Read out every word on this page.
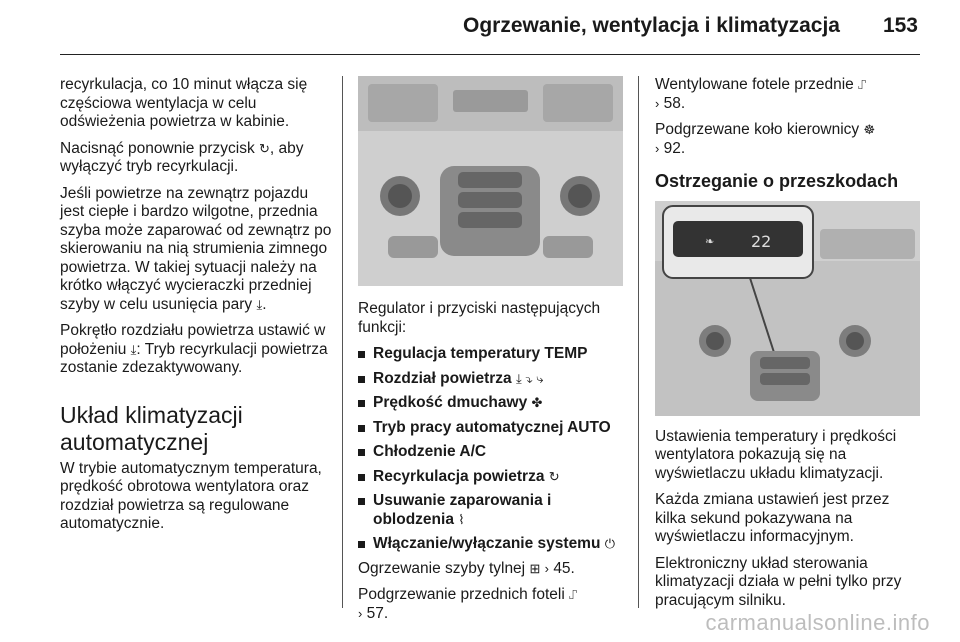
Ogrzewanie, wentylacja i klimatyzacja 153

recyrkulacja, co 10 minut włącza się częściowa wentylacja w celu odświeżenia powietrza w kabinie.

Nacisnąć ponownie przycisk ↻, aby wyłączyć tryb recyrkulacji.

Jeśli powietrze na zewnątrz pojazdu jest ciepłe i bardzo wilgotne, przednia szyba może zaparować od zewnątrz po skierowaniu na nią strumienia zimnego powietrza. W takiej sytuacji należy na krótko włączyć wycieraczki przedniej szyby w celu usunięcia pary ⤓.

Pokrętło rozdziału powietrza ustawić w położeniu ⤓: Tryb recyrkulacji powietrza zostanie zdezaktywowany.

Układ klimatyzacji automatycznej

W trybie automatycznym temperatura, prędkość obrotowa wentylatora oraz rozdział powietrza są regulowane automatycznie.

Regulator i przyciski następujących funkcji:

Regulacja temperatury TEMP
Rozdział powietrza ⤓ ⤵ ⤷
Prędkość dmuchawy ✤
Tryb pracy automatycznej AUTO
Chłodzenie A/C
Recyrkulacja powietrza ↻
Usuwanie zaparowania i oblodzenia ⌇
Włączanie/wyłączanie systemu ⏻

Ogrzewanie szyby tylnej ⊞ › 45.

Podgrzewanie przednich foteli ⑀
› 57.

Wentylowane fotele przednie ⑀
› 58.

Podgrzewane koło kierownicy ☸
› 92.

Ostrzeganie o przeszkodach
❧ 22

Ustawienia temperatury i prędkości wentylatora pokazują się na wyświetlaczu układu klimatyzacji.

Każda zmiana ustawień jest przez kilka sekund pokazywana na wyświetlaczu informacyjnym.

Elektroniczny układ sterowania klimatyzacji działa w pełni tylko przy pracującym silniku.

carmanualsonline.info
